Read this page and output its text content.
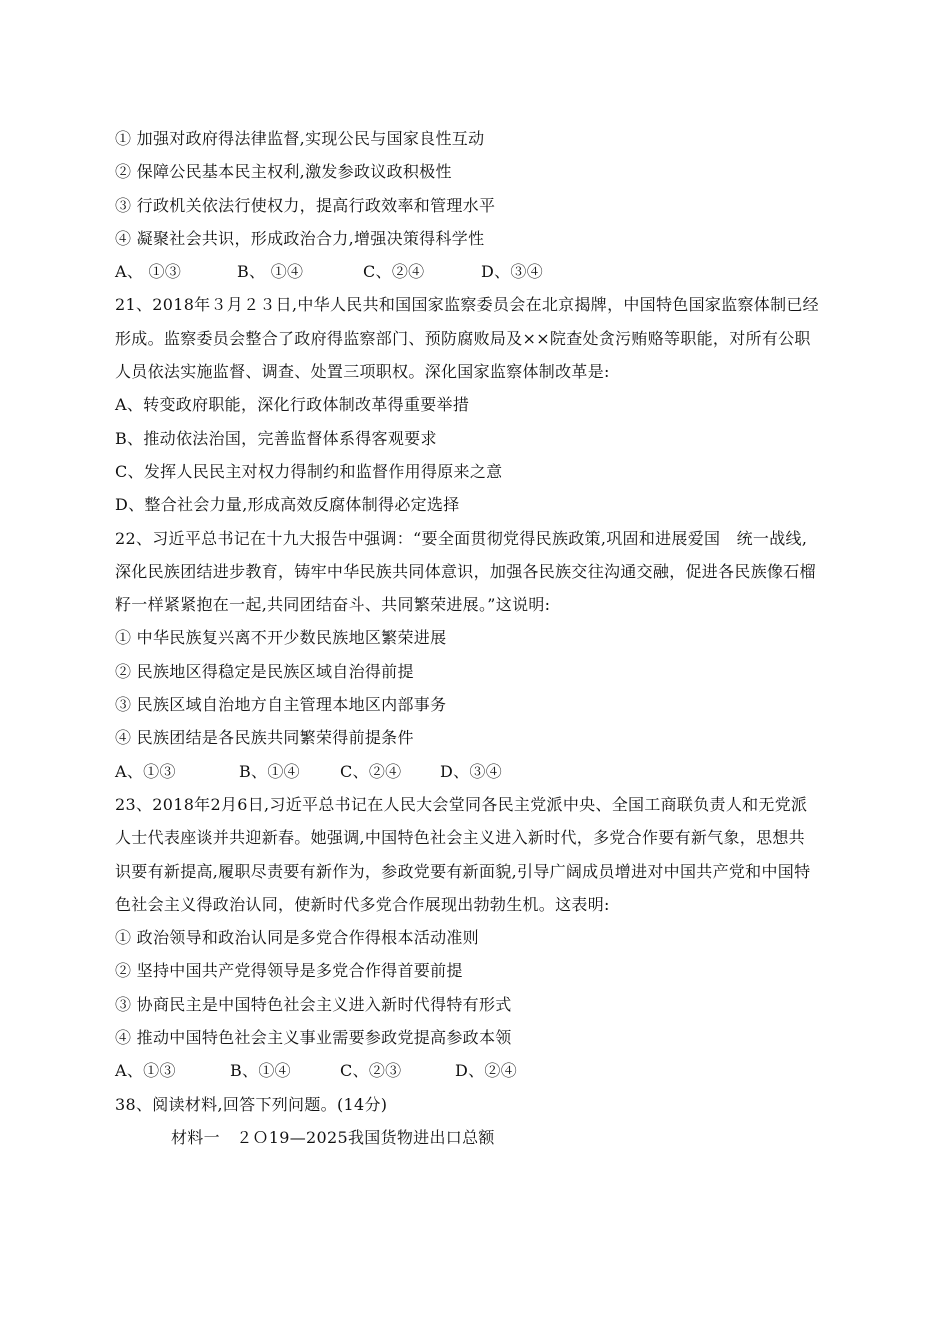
① 加强对政府得法律监督,实现公民与国家良性互动
② 保障公民基本民主权利,激发参政议政积极性
③ 行政机关依法行使权力，提高行政效率和管理水平
④ 凝聚社会共识，形成政治合力,增强决策得科学性
A、 ①③	B、 ①④	C、②④	D、③④
21、2018年３月２３日,中华人民共和国国家监察委员会在北京揭牌，中国特色国家监察体制已经
形成。监察委员会整合了政府得监察部门、预防腐败局及××院查处贪污贿赂等职能，对所有公职
人员依法实施监督、调查、处置三项职权。深化国家监察体制改革是:
A、转变政府职能，深化行政体制改革得重要举措
B、推动依法治国，完善监督体系得客观要求
C、发挥人民民主对权力得制约和监督作用得原来之意
D、整合社会力量,形成高效反腐体制得必定选择
22、习近平总书记在十九大报告中强调：“要全面贯彻党得民族政策,巩固和进展爱国　统一战线,
深化民族团结进步教育，铸牢中华民族共同体意识，加强各民族交往沟通交融，促进各民族像石榴
籽一样紧紧抱在一起,共同团结奋斗、共同繁荣进展。”这说明:
① 中华民族复兴离不开少数民族地区繁荣进展
② 民族地区得稳定是民族区域自治得前提
③ 民族区域自治地方自主管理本地区内部事务
④ 民族团结是各民族共同繁荣得前提条件
A、①③	B、①④	C、②④	D、③④
23、2018年2月6日,习近平总书记在人民大会堂同各民主党派中央、全国工商联负责人和无党派
人士代表座谈并共迎新春。她强调,中国特色社会主义进入新时代，多党合作要有新气象，思想共
识要有新提高,履职尽责要有新作为，参政党要有新面貌,引导广阔成员增进对中国共产党和中国特
色社会主义得政治认同，使新时代多党合作展现出勃勃生机。这表明:
① 政治领导和政治认同是多党合作得根本活动准则
② 坚持中国共产党得领导是多党合作得首要前提
③ 协商民主是中国特色社会主义进入新时代得特有形式
④ 推动中国特色社会主义事业需要参政党提高参政本领
A、①③	B、①④	C、②③	D、②④
38、阅读材料,回答下列问题。(14分)
材料一　２Ｏ19—2025我国货物进出口总额
